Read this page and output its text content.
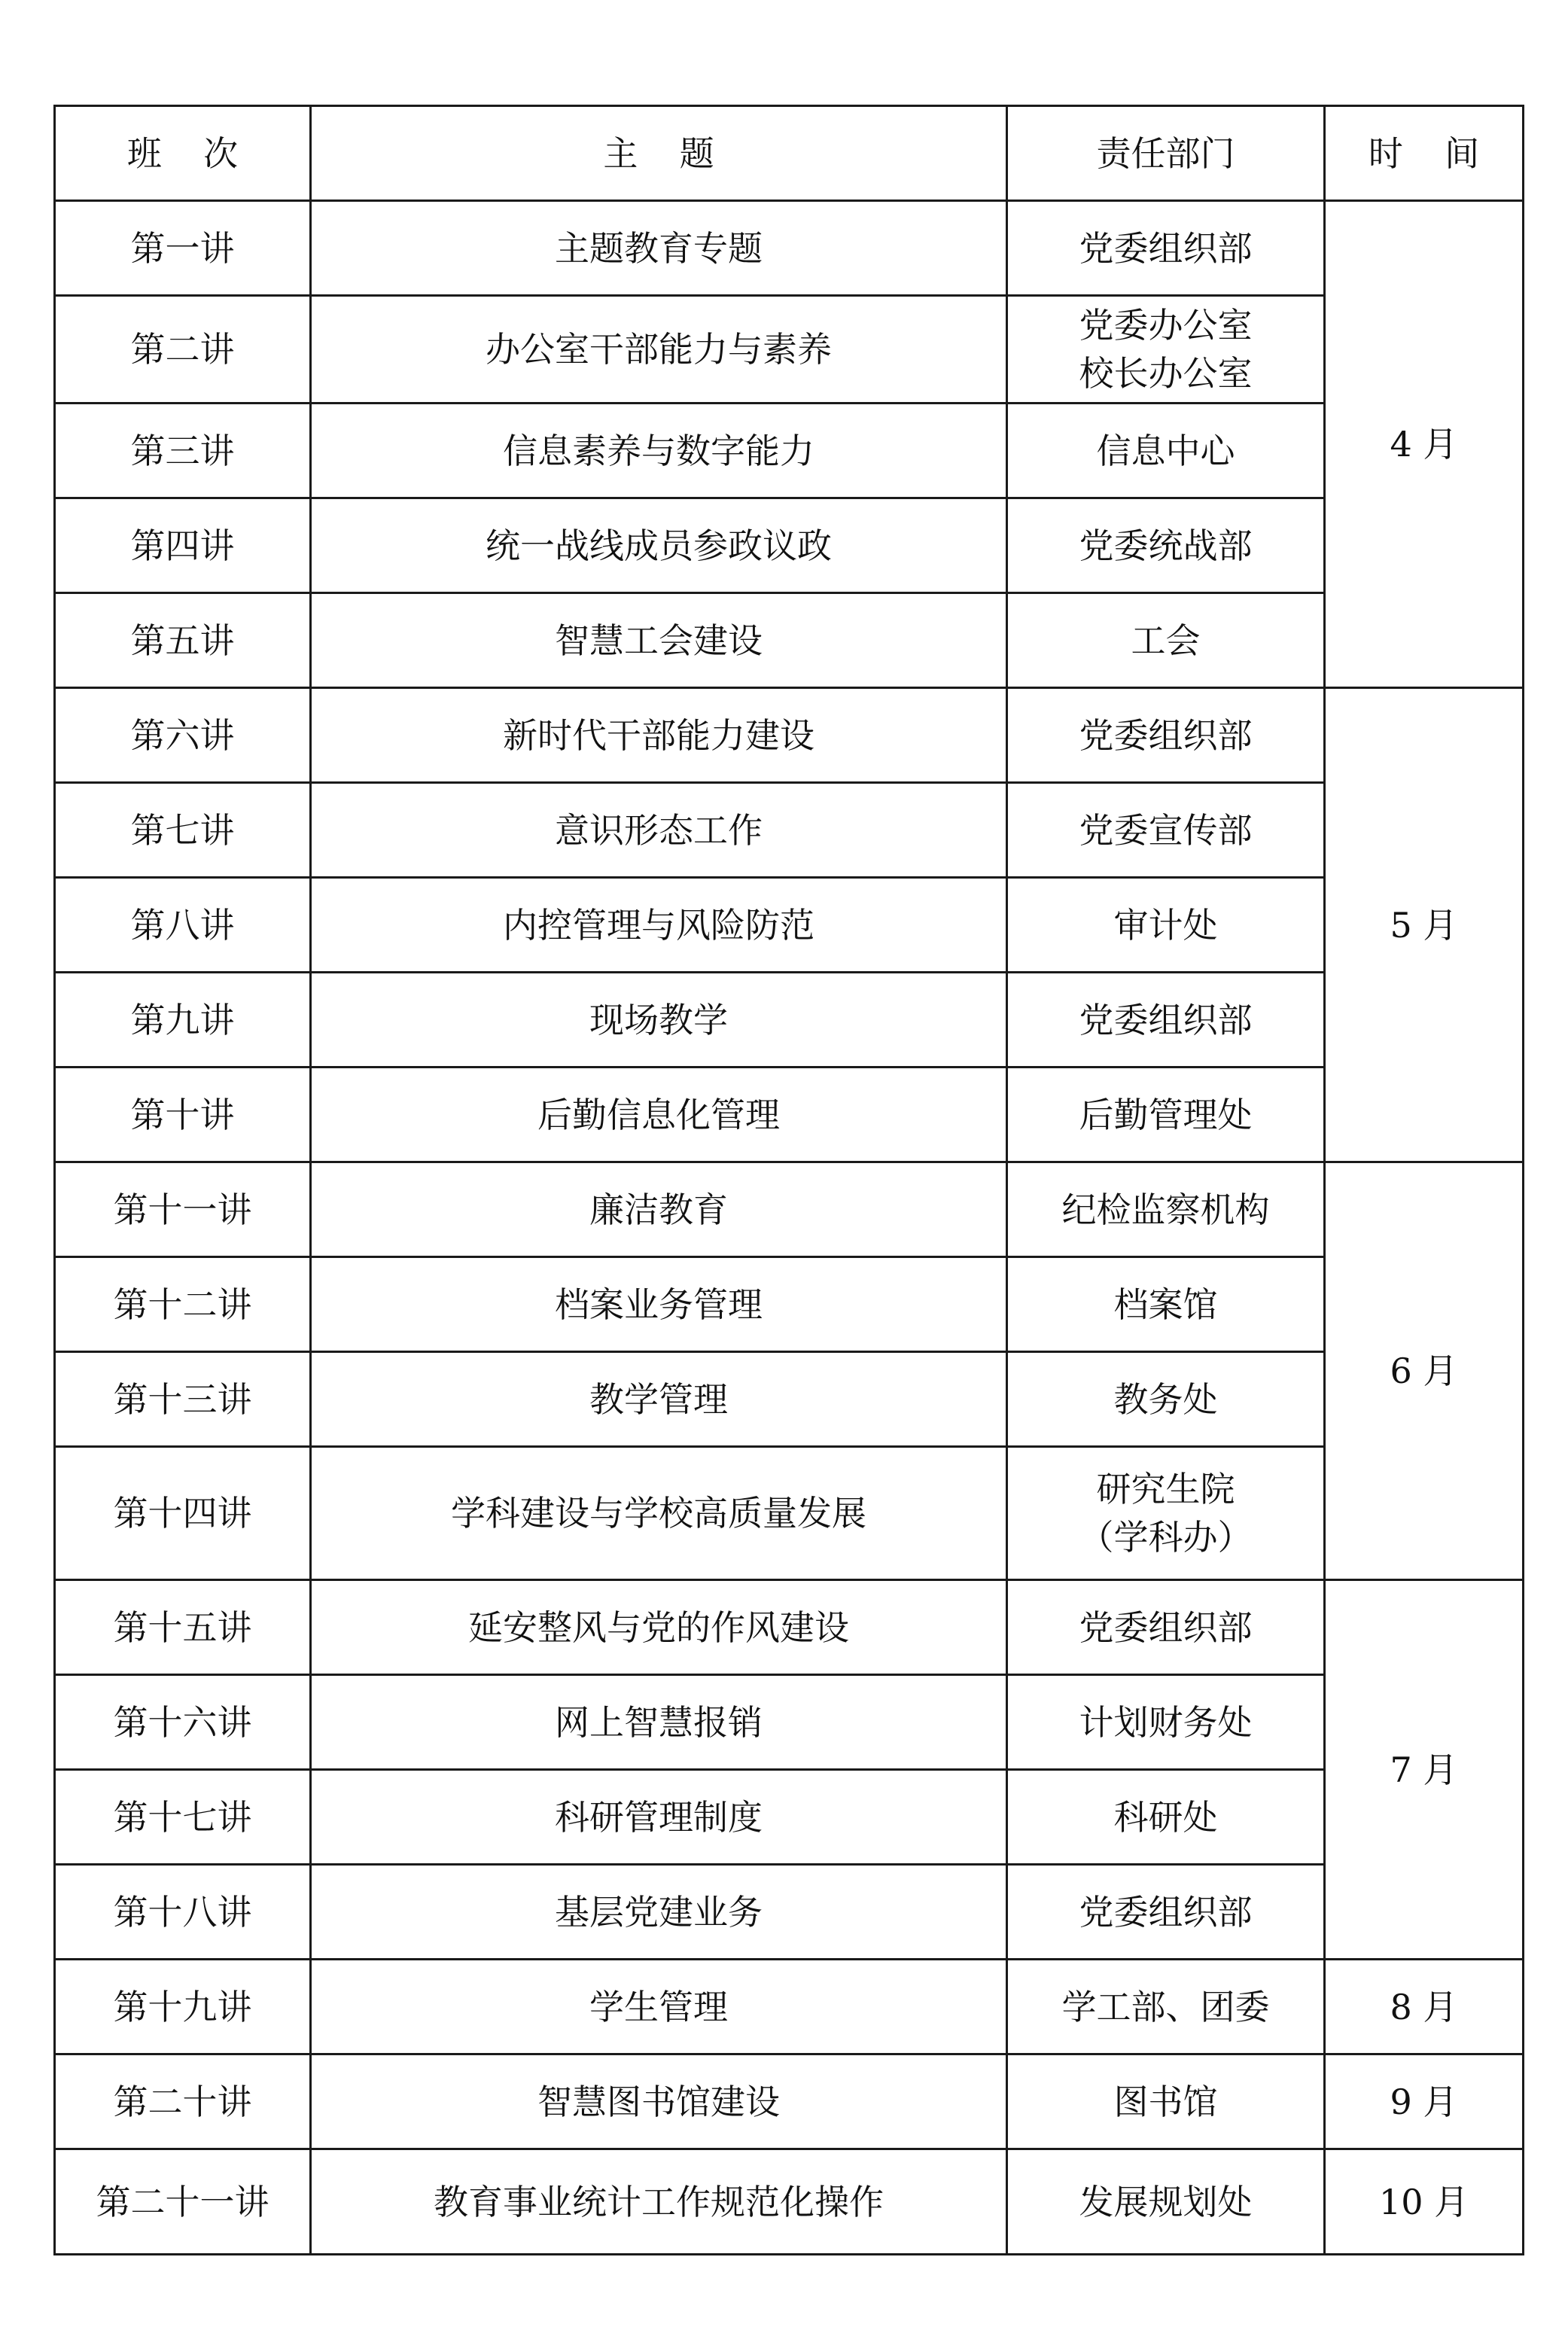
班次	主题	责任部门	时间
第一讲	主题教育专题	党委组织部	4 月
第二讲	办公室干部能力与素养	党委办公室
校长办公室	

第三讲	信息素养与数字能力	信息中心	
第四讲	统一战线成员参政议政	党委统战部	
第五讲	智慧工会建设	工会	
第六讲	新时代干部能力建设	党委组织部	5 月
第七讲	意识形态工作	党委宣传部	
第八讲	内控管理与风险防范	审计处	
第九讲	现场教学	党委组织部	
第十讲	后勤信息化管理	后勤管理处	
第十一讲	廉洁教育	纪检监察机构	6 月
第十二讲	档案业务管理	档案馆	
第十三讲	教学管理	教务处	
第十四讲	学科建设与学校高质量发展	研究生院
（学科办）	

第十五讲	延安整风与党的作风建设	党委组织部	7 月
第十六讲	网上智慧报销	计划财务处	
第十七讲	科研管理制度	科研处	
第十八讲	基层党建业务	党委组织部	
第十九讲	学生管理	学工部、团委	8 月
第二十讲	智慧图书馆建设	图书馆	9 月
第二十一讲	教育事业统计工作规范化操作	发展规划处	10 月
